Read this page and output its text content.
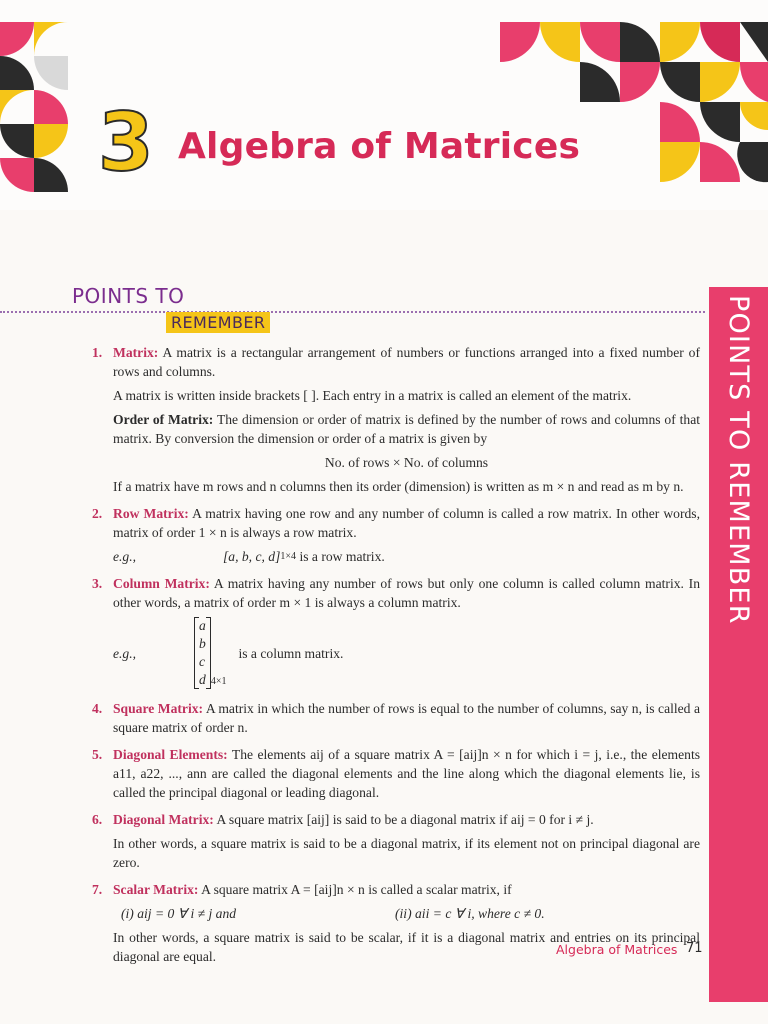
3 Algebra of Matrices
POINTS TO
REMEMBER	POINTS TO REMEMBER
1. Matrix: A matrix is a rectangular arrangement of numbers or functions arranged into a fixed number of rows and columns.

A matrix is written inside brackets [ ]. Each entry in a matrix is called an element of the matrix.

Order of Matrix: The dimension or order of matrix is defined by the number of rows and columns of that matrix. By conversion the dimension or order of a matrix is given by

No. of rows × No. of columns

If a matrix have m rows and n columns then its order (dimension) is written as m × n and read as m by n.

2. Row Matrix: A matrix having one row and any number of column is called a row matrix. In other words, matrix of order 1 × n is always a row matrix.

e.g.,	[a, b, c, d] 1×4
is a row matrix.
3. Column Matrix: A matrix having any number of rows but only one column is called column matrix. In other words, a matrix of order m × 1 is always a column matrix.

e.g.,
a
b
c
d 4×1
is a column matrix.
4. Square Matrix: A matrix in which the number of rows is equal to the number of columns, say n, is called a square matrix of order n.

5. Diagonal Elements: The elements aij of a square matrix A = [aij]n × n for which i = j, i.e., the elements a11, a22, ..., ann are called the diagonal elements and the line along which the diagonal elements lie, is called the principal diagonal or leading diagonal.

6. Diagonal Matrix: A square matrix [aij] is said to be a diagonal matrix if aij = 0 for i ≠ j.

In other words, a square matrix is said to be a diagonal matrix, if its element not on principal diagonal are zero.

7. Scalar Matrix: A square matrix A = [aij]n × n is called a scalar matrix, if

(i) aij = 0 ∀ i ≠ j and	(ii) aii = c ∀ i, where c ≠ 0.

In other words, a square matrix is said to be scalar, if it is a diagonal matrix and entries on its principal diagonal are equal.	Algebra of Matrices 71
